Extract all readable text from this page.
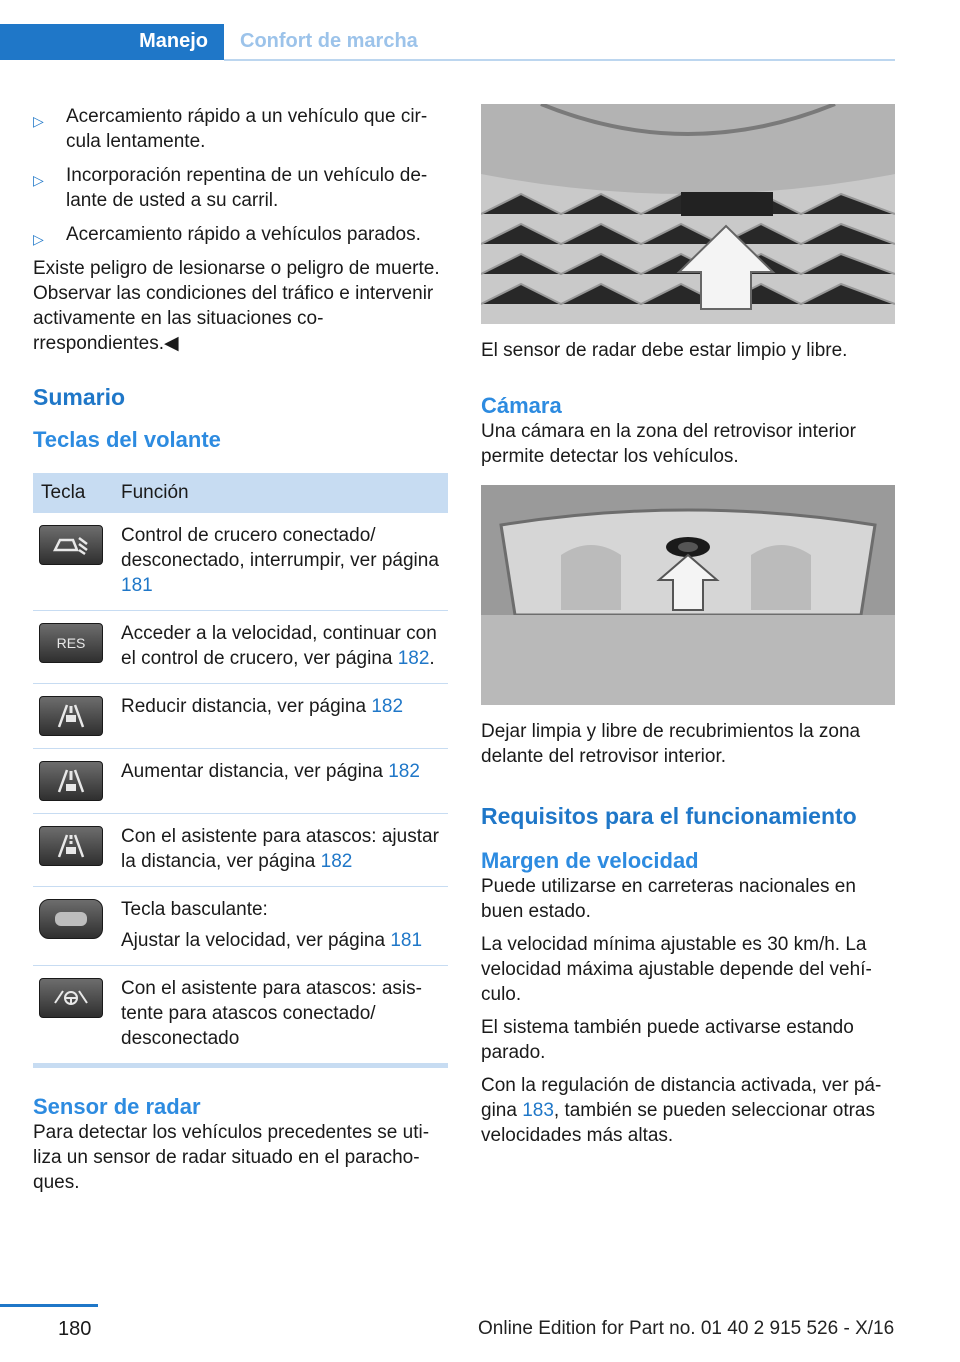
Manejo Confort de marcha
▷ Acercamiento rápido a un vehículo que circula lentamente.
▷ Incorporación repentina de un vehículo delante de usted a su carril.
▷ Acercamiento rápido a vehículos parados.

Existe peligro de lesionarse o peligro de muerte. Observar las condiciones del tráfico e intervenir activamente en las situaciones correspondientes.◀

Sumario
Teclas del volante
Tecla	Función

	Control de crucero conectado/ desconectado, interrumpir, ver página 181

RES	Acceder a la velocidad, continuar con el control de crucero, ver página 182.

	Reducir distancia, ver página 182

	Aumentar distancia, ver página 182

	Con el asistente para atascos: ajustar la distancia, ver página 182

Tecla basculante:
Ajustar la velocidad, ver página 181

	Con el asistente para atascos: asistente para atascos conectado/ desconectado
Sensor de radar

Para detectar los vehículos precedentes se utiliza un sensor de radar situado en el parachoques.

El sensor de radar debe estar limpio y libre.

Cámara

Una cámara en la zona del retrovisor interior permite detectar los vehículos.

Dejar limpia y libre de recubrimientos la zona delante del retrovisor interior.

Requisitos para el funcionamiento
Margen de velocidad

Puede utilizarse en carreteras nacionales en buen estado.

La velocidad mínima ajustable es 30 km/h. La velocidad máxima ajustable depende del vehículo.

El sistema también puede activarse estando parado.

Con la regulación de distancia activada, ver página 183, también se pueden seleccionar otras velocidades más altas.

180	Online Edition for Part no. 01 40 2 915 526 - X/16
